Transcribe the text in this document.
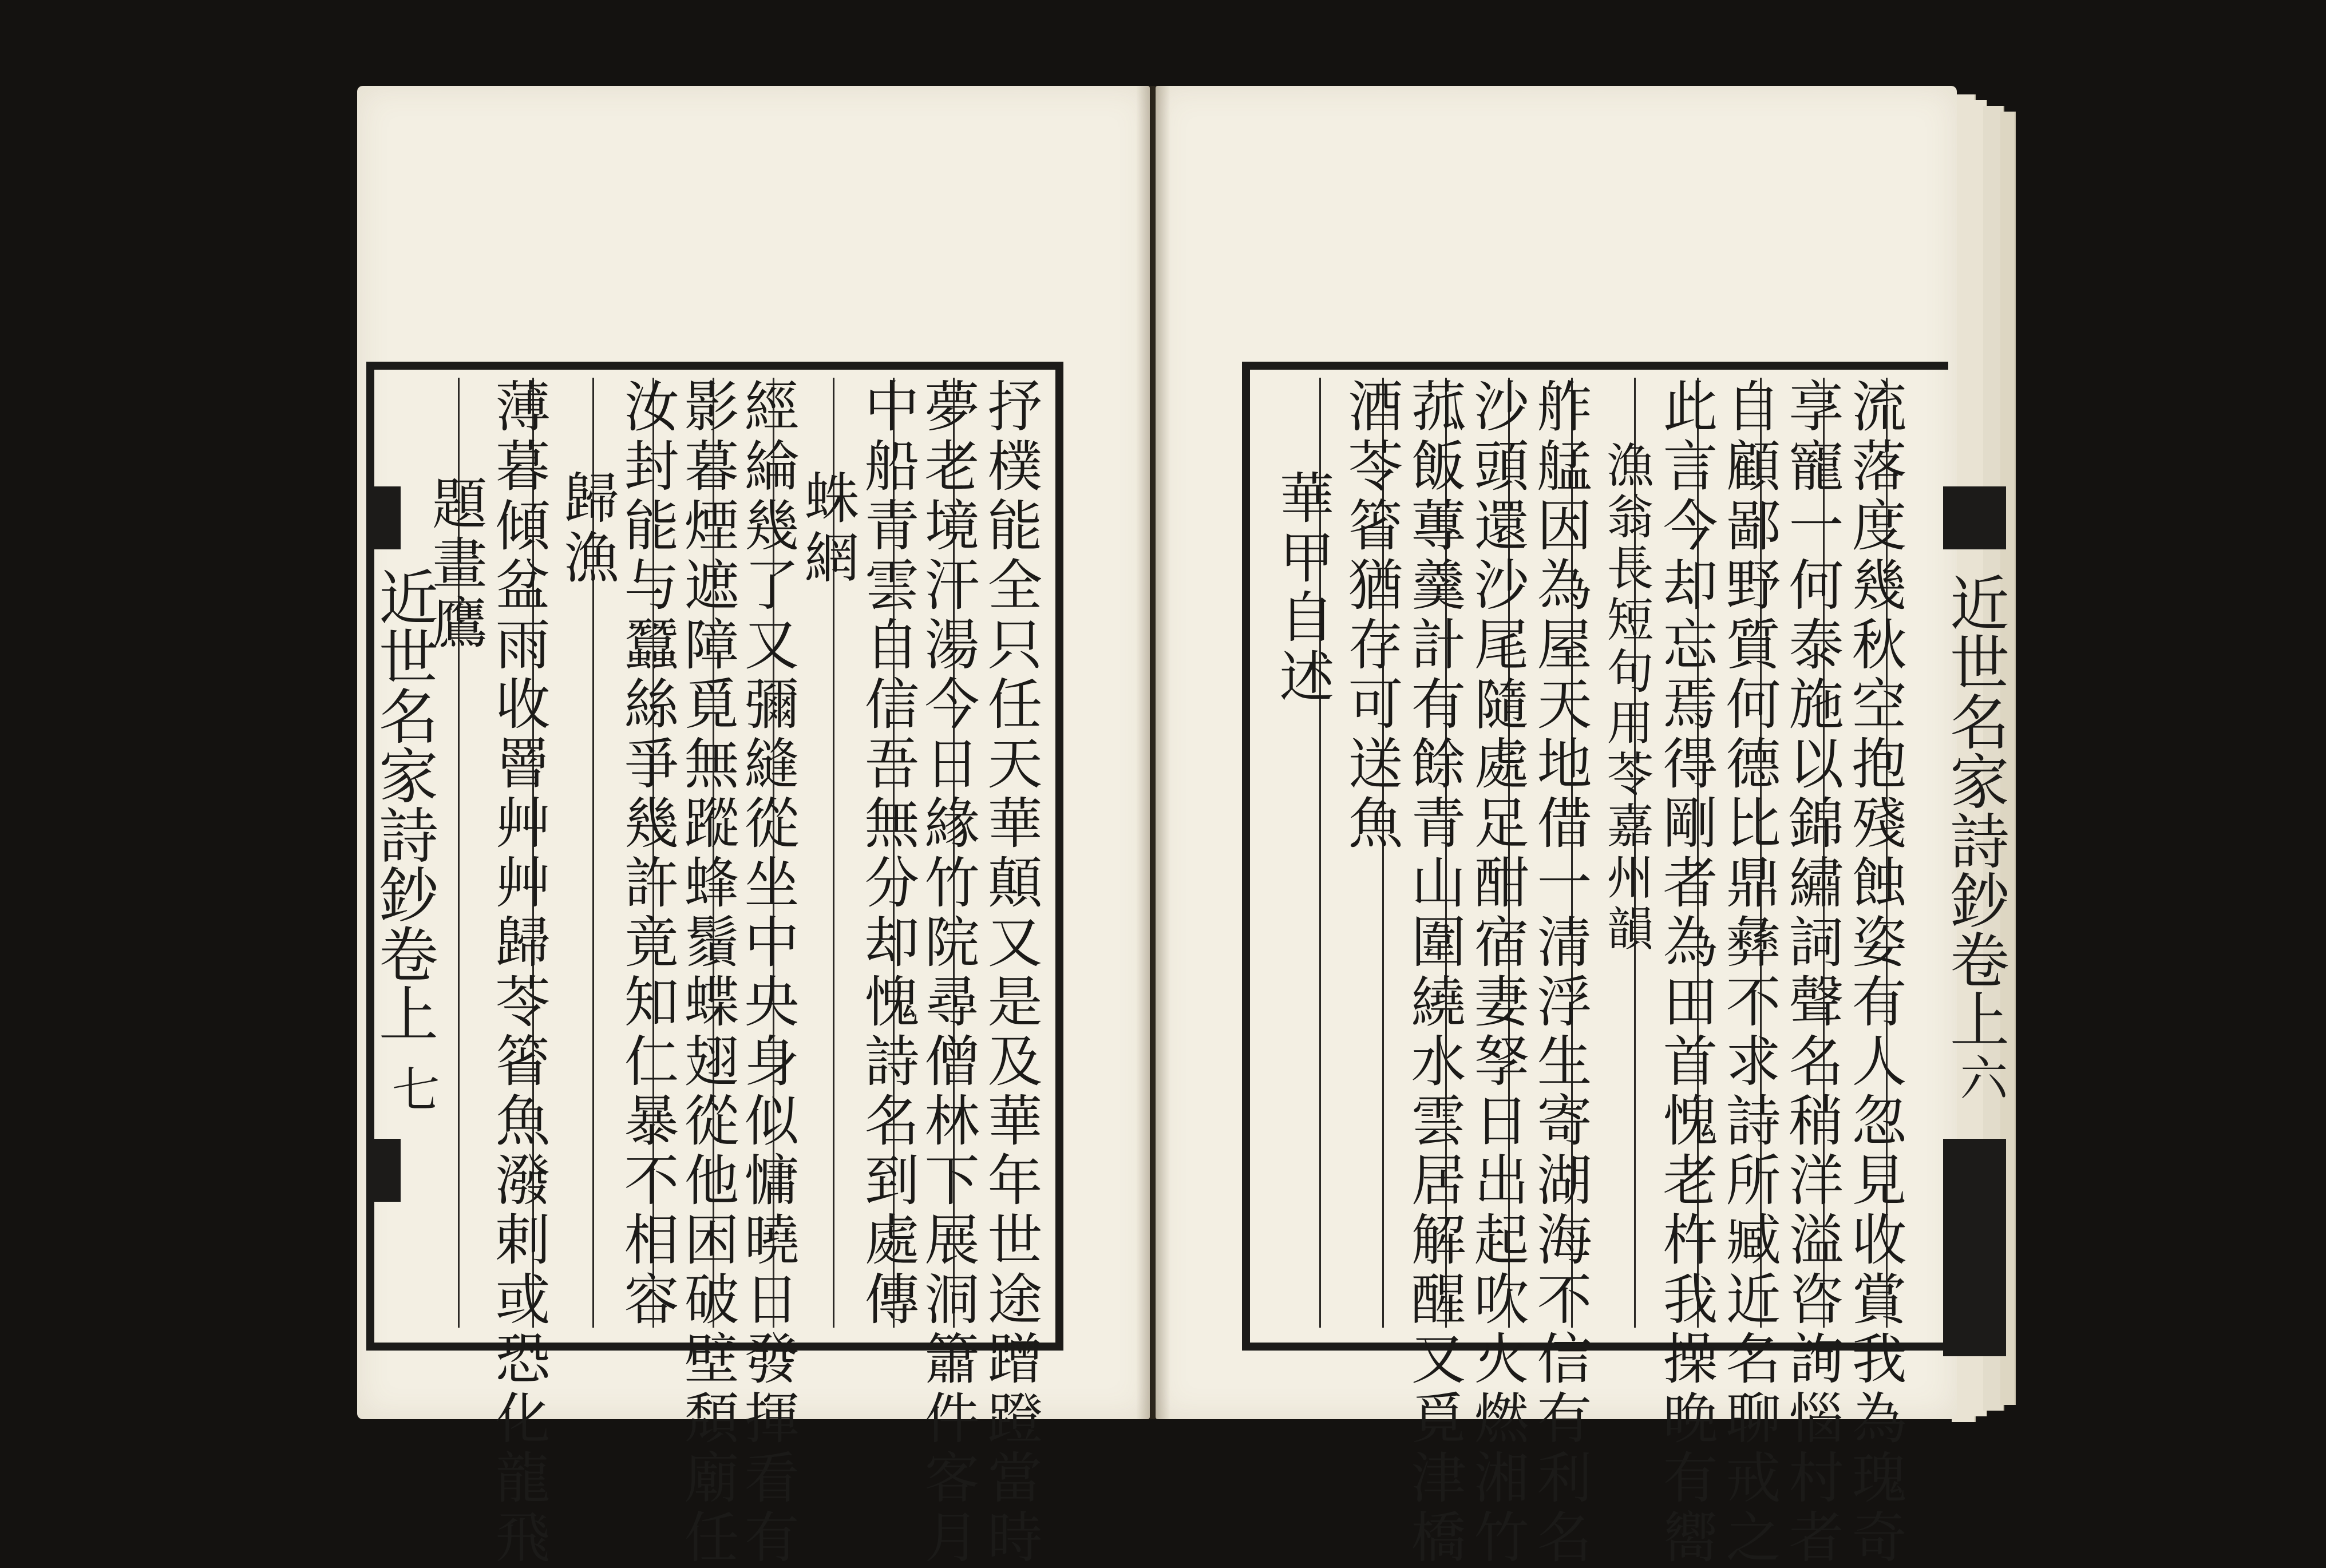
近世名家詩鈔卷上
七
近世名家詩鈔卷上
六
抒樸能全只任天華顛又是及華年世途蹭蹬當時
夢老境汗湯今日緣竹院尋僧林下展洞簫件客月
中船青雲自信吾無分却愧詩名到處傳
蛛網
經綸幾了又彌縫從坐中央身似慵曉日發揮看有
影暮煙遮障覓無蹤蜂鬚蝶翅從他困破壁頽廟任
汝封能与蠶絲爭幾許竟知仁暴不相容
歸漁
薄暮傾盆雨收罾艸艸歸苓箵魚潑剌或恐化龍飛
題畫鷹	流落度幾秋空抱殘蝕姿有人忽見收賞我為瑰奇
享寵一何泰施以錦繡詞聲名稍洋溢咨詢惱村者
自顧鄙野質何德比鼎彝不求詩所臧近名聊戒之
此言今却忘焉得剛者為田首愧老杵我操晚有嚮
漁翁長短句用苓嘉州韻
舴艋因為屋天地借一清浮生寄湖海不信有利名
沙頭還沙尾隨處足酣宿妻孥日出起吹火燃湘竹
菰飯蓴羹計有餘青山圍繞水雲居解醒又覓津橋
酒苓箵猶存可送魚
華甲自述
